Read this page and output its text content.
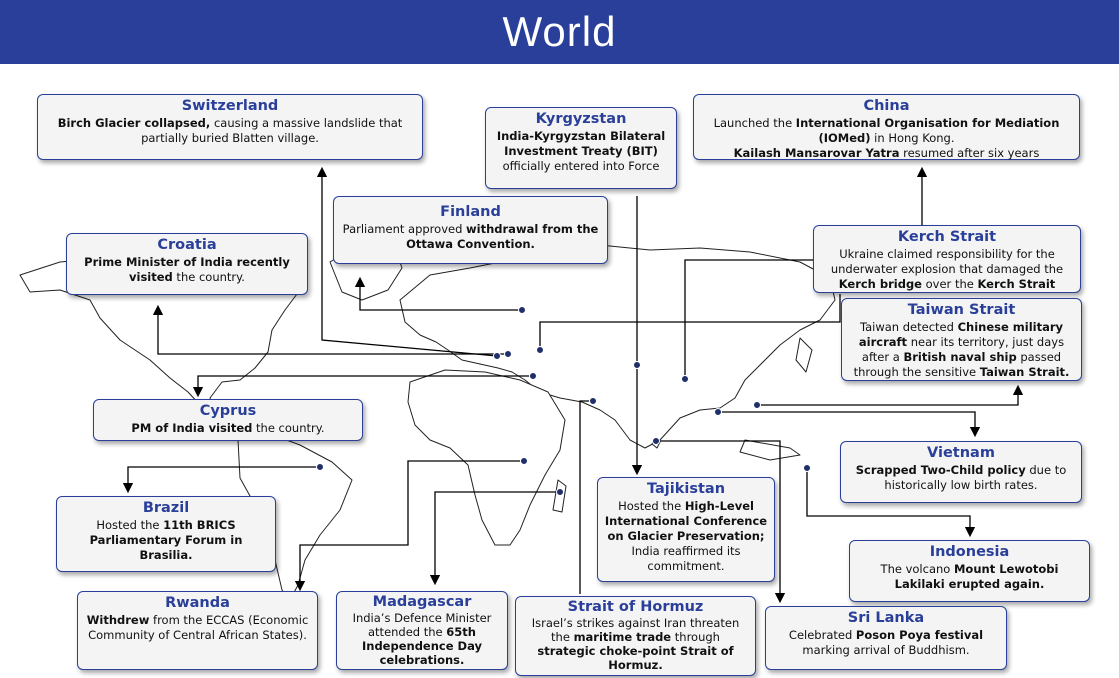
World
Switzerland
Birch Glacier collapsed, causing a massive landslide that partially buried Blatten village.
Kyrgyzstan
India-Kyrgyzstan Bilateral Investment Treaty (BIT) officially entered into Force
China
Launched the International Organisation for Mediation (IOMed) in Hong Kong.
Kailash Mansarovar Yatra resumed after six years
Finland
Parliament approved withdrawal from the Ottawa Convention.
Croatia
Prime Minister of India recently visited the country.
Kerch Strait
Ukraine claimed responsibility for the underwater explosion that damaged the Kerch bridge over the Kerch Strait
Taiwan Strait
Taiwan detected Chinese military aircraft near its territory, just days after a British naval ship passed through the sensitive Taiwan Strait.
Cyprus
PM of India visited the country.
Vietnam
Scrapped Two-Child policy due to historically low birth rates.
Brazil
Hosted the 11th BRICS Parliamentary Forum in Brasilia.
Tajikistan
Hosted the High-Level International Conference on Glacier Preservation; India reaffirmed its commitment.
Indonesia
The volcano Mount Lewotobi Lakilaki erupted again.
Rwanda
Withdrew from the ECCAS (Economic Community of Central African States).
Madagascar
India’s Defence Minister attended the 65th Independence Day celebrations.
Strait of Hormuz
Israel’s strikes against Iran threaten the maritime trade through strategic choke-point Strait of Hormuz.
Sri Lanka
Celebrated Poson Poya festival marking arrival of Buddhism.
